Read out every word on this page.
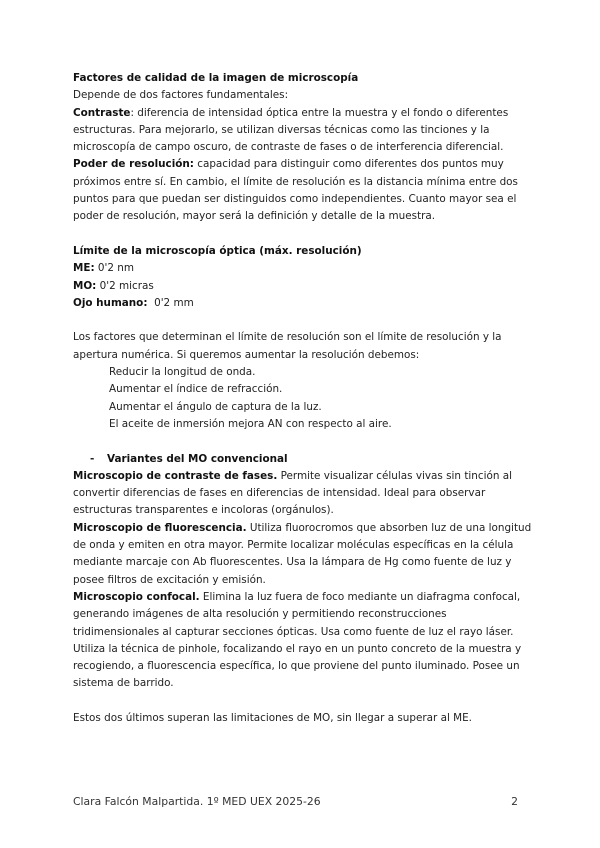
Factores de calidad de la imagen de microscopía

Depende de dos factores fundamentales:

Contraste: diferencia de intensidad óptica entre la muestra y el fondo o diferentes estructuras. Para mejorarlo, se utilizan diversas técnicas como las tinciones y la microscopía de campo oscuro, de contraste de fases o de interferencia diferencial.

Poder de resolución: capacidad para distinguir como diferentes dos puntos muy próximos entre sí. En cambio, el límite de resolución es la distancia mínima entre dos puntos para que puedan ser distinguidos como independientes. Cuanto mayor sea el poder de resolución, mayor será la definición y detalle de la muestra.

Límite de la microscopía óptica (máx. resolución)

ME: 0'2 nm

MO: 0'2 micras

Ojo humano:  0'2 mm

Los factores que determinan el límite de resolución son el límite de resolución y la apertura numérica. Si queremos aumentar la resolución debemos:

Reducir la longitud de onda.

Aumentar el índice de refracción.

Aumentar el ángulo de captura de la luz.

El aceite de inmersión mejora AN con respecto al aire.

-	Variantes del MO convencional

Microscopio de contraste de fases. Permite visualizar células vivas sin tinción al convertir diferencias de fases en diferencias de intensidad. Ideal para observar estructuras transparentes e incoloras (orgánulos).

Microscopio de fluorescencia. Utiliza fluorocromos que absorben luz de una longitud de onda y emiten en otra mayor. Permite localizar moléculas específicas en la célula mediante marcaje con Ab fluorescentes. Usa la lámpara de Hg como fuente de luz y posee filtros de excitación y emisión.

Microscopio confocal. Elimina la luz fuera de foco mediante un diafragma confocal, generando imágenes de alta resolución y permitiendo reconstrucciones tridimensionales al capturar secciones ópticas. Usa como fuente de luz el rayo láser. Utiliza la técnica de pinhole, focalizando el rayo en un punto concreto de la muestra y recogiendo, a fluorescencia específica, lo que proviene del punto iluminado. Posee un sistema de barrido.

Estos dos últimos superan las limitaciones de MO, sin llegar a superar al ME.

Clara Falcón Malpartida. 1º MED UEX 2025-26	2
